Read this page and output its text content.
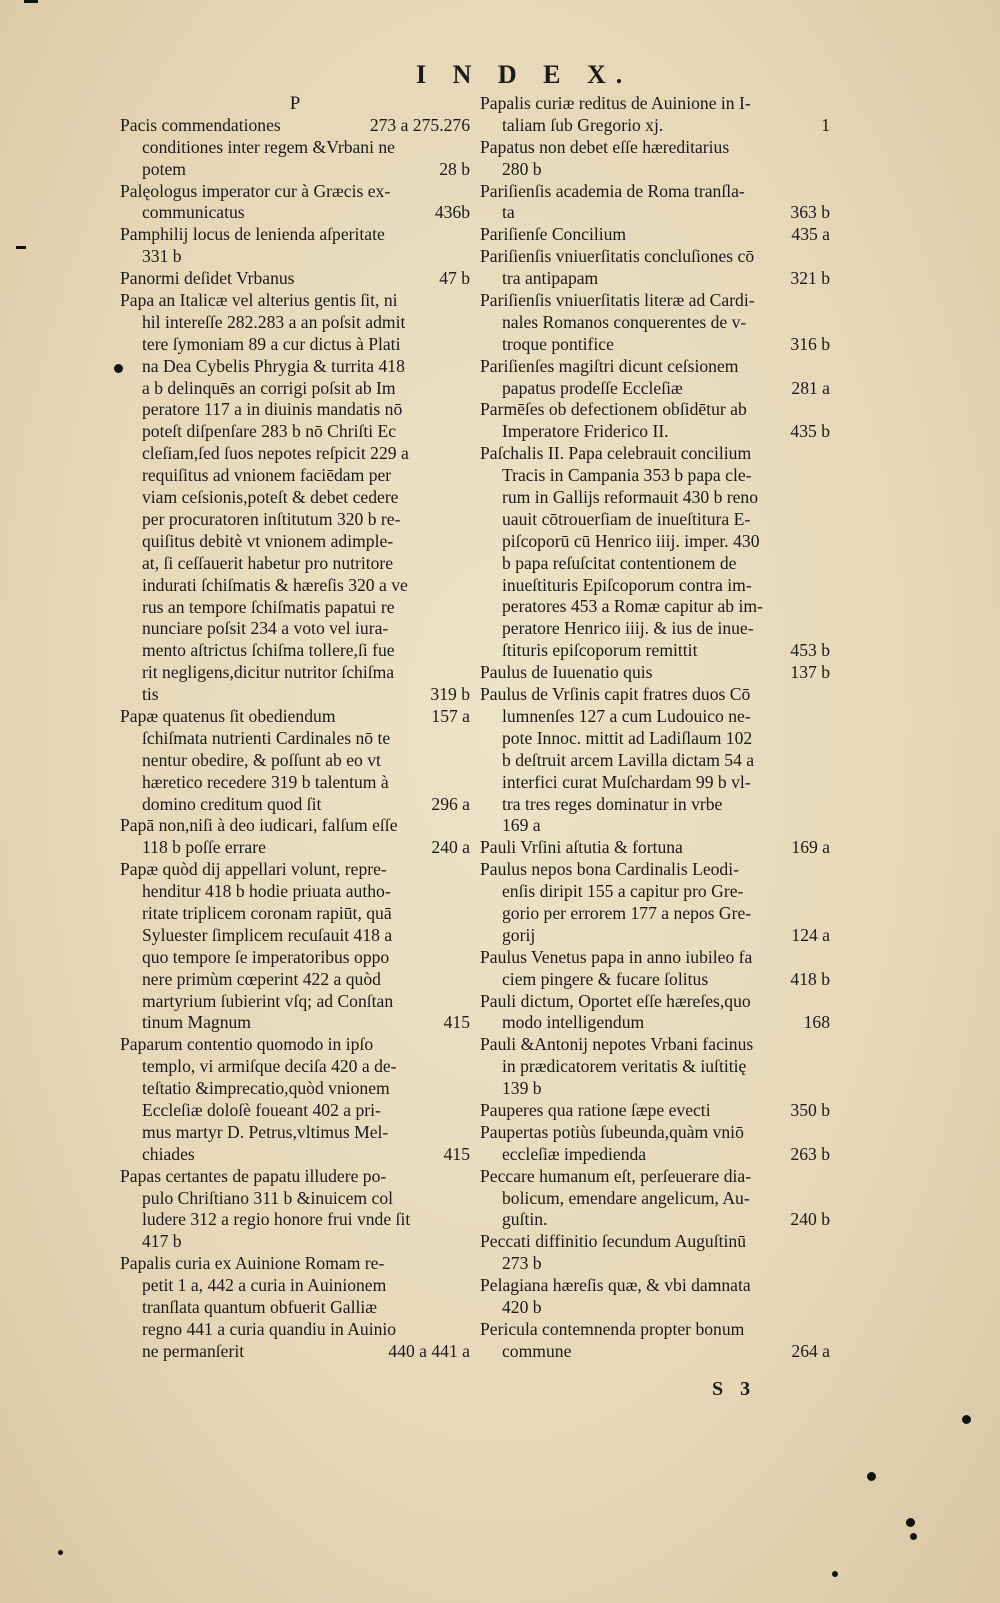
I N D E X.
P
Pacis commendationes	273 a 275.276
conditiones inter regem &Vrbani ne
potem	28 b
Palęologus imperator cur à Græcis ex-
communicatus	436b
Pamphilij locus de lenienda aſperitate
331 b
Panormi deſidet Vrbanus	47 b
Papa an Italicæ vel alterius gentis ſit, ni
hil intereſſe 282.283 a an poſsit admit
tere ſymoniam 89 a cur dictus à Plati
na Dea Cybelis Phrygia & turrita 418
a b delinquēs an corrigi poſsit ab Im
peratore 117 a in diuinis mandatis nō
poteſt diſpenſare 283 b nō Chriſti Ec
cleſiam,ſed ſuos nepotes reſpicit 229 a
requiſitus ad vnionem faciēdam per
viam ceſsionis,poteſt & debet cedere
per procuratoren inſtitutum 320 b re-
quiſitus debitè vt vnionem adimple-
at, ſi ceſſauerit habetur pro nutritore
indurati ſchiſmatis & hæreſis 320 a ve
rus an tempore ſchiſmatis papatui re
nunciare poſsit 234 a voto vel iura-
mento aſtrictus ſchiſma tollere,ſi fue
rit negligens,dicitur nutritor ſchiſma
tis	319 b
Papæ quatenus ſit obediendum	157 a
ſchiſmata nutrienti Cardinales nō te
nentur obedire, & poſſunt ab eo vt
hæretico recedere 319 b talentum à
domino creditum quod ſit	296 a
Papā non,niſi à deo iudicari, falſum eſſe
118 b poſſe errare	240 a
Papæ quòd dij appellari volunt, repre-
henditur 418 b hodie priuata autho-
ritate triplicem coronam rapiūt, quā
Syluester ſimplicem recuſauit 418 a
quo tempore ſe imperatoribus oppo
nere primùm cœperint 422 a quòd
martyrium ſubierint vſq; ad Conſtan
tinum Magnum	415
Paparum contentio quomodo in ipſo
templo, vi armiſque deciſa 420 a de-
teſtatio &imprecatio,quòd vnionem
Eccleſiæ doloſè foueant 402 a pri-
mus martyr D. Petrus,vltimus Mel-
chiades	415
Papas certantes de papatu illudere po-
pulo Chriſtiano 311 b &inuicem col
ludere 312 a regio honore frui vnde ſit
417 b
Papalis curia ex Auinione Romam re-
petit 1 a, 442 a curia in Auinionem
tranſlata quantum obfuerit Galliæ
regno 441 a curia quandiu in Auinio
ne permanſerit	440 a 441 a
Papalis curiæ reditus de Auinione in I-
taliam ſub Gregorio xj.	1
Papatus non debet eſſe hæreditarius
280 b
Pariſienſis academia de Roma tranſla-
ta	363 b
Pariſienſe Concilium	435 a
Pariſienſis vniuerſitatis concluſiones cō
tra antipapam	321 b
Pariſienſis vniuerſitatis literæ ad Cardi-
nales Romanos conquerentes de v-
troque pontifice	316 b
Pariſienſes magiſtri dicunt ceſsionem
papatus prodeſſe Eccleſiæ	281 a
Parmēſes ob defectionem obſidētur ab
Imperatore Friderico II.	435 b
Paſchalis II. Papa celebrauit concilium
Tracis in Campania 353 b papa cle-
rum in Gallijs reformauit 430 b reno
uauit cōtrouerſiam de inueſtitura E-
piſcoporū cū Henrico iiij. imper. 430
b papa reſuſcitat contentionem de
inueſtituris Epiſcoporum contra im-
peratores 453 a Romæ capitur ab im-
peratore Henrico iiij. & ius de inue-
ſtituris epiſcoporum remittit	453 b
Paulus de Iuuenatio quis	137 b
Paulus de Vrſinis capit fratres duos Cō
lumnenſes 127 a cum Ludouico ne-
pote Innoc. mittit ad Ladiſlaum 102
b deſtruit arcem Lavilla dictam 54 a
interfici curat Muſchardam 99 b vl-
tra tres reges dominatur in vrbe
169 a
Pauli Vrſini aſtutia & fortuna	169 a
Paulus nepos bona Cardinalis Leodi-
enſis diripit 155 a capitur pro Gre-
gorio per errorem 177 a nepos Gre-
gorij	124 a
Paulus Venetus papa in anno iubileo fa
ciem pingere & fucare ſolitus	418 b
Pauli dictum, Oportet eſſe hæreſes,quo
modo intelligendum	168
Pauli &Antonij nepotes Vrbani facinus
in prædicatorem veritatis & iuſtitię
139 b
Pauperes qua ratione ſæpe evecti	350 b
Paupertas potiùs ſubeunda,quàm vniō
eccleſiæ impedienda	263 b
Peccare humanum eſt, perſeuerare dia-
bolicum, emendare angelicum, Au-
guſtin.	240 b
Peccati diffinitio ſecundum Auguſtinū
273 b
Pelagiana hæreſis quæ, & vbi damnata
420 b
Pericula contemnenda propter bonum
commune	264 a
S 3
